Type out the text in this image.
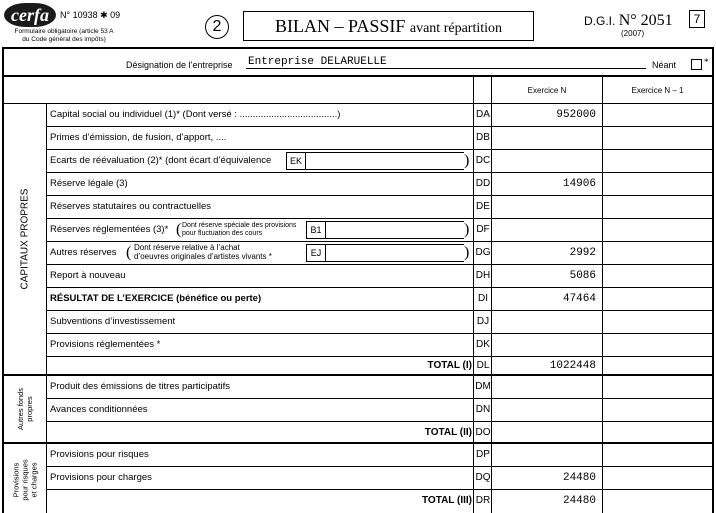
cerfa	N° 10938 ✱ 09
Formulaire obligatoire (article 53 A
du Code général des impôts)
2	BILAN – PASSIF avant répartition	D.G.I. N° 2051	7
(2007)
Désignation de l’entreprise Entreprise DELARUELLE	Néant	*
Exercice N	Exercice N – 1
CAPITAUX PROPRES
Autres fonds propres
Provisions pour risques et charges
Capital social ou individuel (1)* (Dont versé : .....................................)	DA	952000
Primes d’émission, de fusion, d’apport, ....	DB
Ecarts de réévaluation (2)* (dont écart d’équivalence	EK	) DC
Réserve légale (3)	DD	14906
Réserves statutaires ou contractuelles	DE
Réserves réglementées (3)* ( Dont réserve spéciale des provisions
pour fluctuation des cours	B1	) DF
Autres réserves ( Dont réserve relative à l’achat
d’oeuvres originales d’artistes vivants *	EJ	) DG	2992
Report à nouveau	DH	5086
RÉSULTAT DE L’EXERCICE (bénéfice ou perte)	DI	47464
Subventions d’investissement	DJ
Provisions réglementées *	DK
TOTAL (I) DL	1022448
Produit des émissions de titres participatifs	DM
Avances conditionnées	DN
TOTAL (II) DO
Provisions pour risques	DP
Provisions pour charges	DQ	24480
TOTAL (III) DR	24480
